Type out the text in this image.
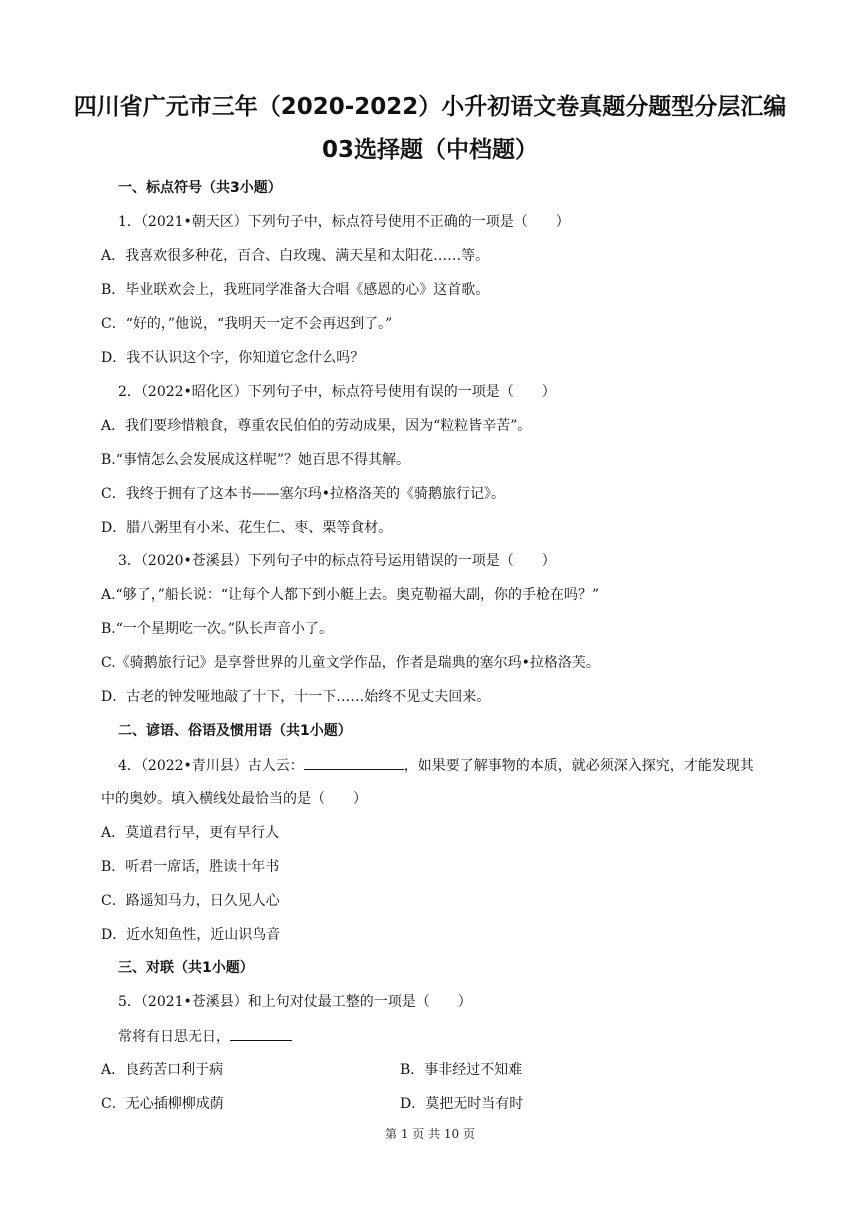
四川省广元市三年（2020-2022）小升初语文卷真题分题型分层汇编
03选择题（中档题）
一、标点符号（共3小题）
1．（2021•朝天区）下列句子中，标点符号使用不正确的一项是（　　）
A．我喜欢很多种花，百合、白玫瑰、满天星和太阳花……等。
B．毕业联欢会上，我班同学准备大合唱《感恩的心》这首歌。
C．“好的，”他说，“我明天一定不会再迟到了。”
D．我不认识这个字，你知道它念什么吗？
2．（2022•昭化区）下列句子中，标点符号使用有误的一项是（　　）
A．我们要珍惜粮食，尊重农民伯伯的劳动成果，因为“粒粒皆辛苦”。
B.“事情怎么会发展成这样呢”？她百思不得其解。
C．我终于拥有了这本书——塞尔玛•拉格洛芙的《骑鹅旅行记》。
D．腊八粥里有小米、花生仁、枣、栗等食材。
3．（2020•苍溪县）下列句子中的标点符号运用错误的一项是（　　）
A.“够了，”船长说：“让每个人都下到小艇上去。奥克勒福大副，你的手枪在吗？”
B.“一个星期吃一次。”队长声音小了。
C.《骑鹅旅行记》是享誉世界的儿童文学作品，作者是瑞典的塞尔玛•拉格洛芙。
D．古老的钟发哑地敲了十下，十一下……始终不见丈夫回来。
二、谚语、俗语及惯用语（共1小题）
4．（2022•青川县）古人云：	，如果要了解事物的本质，就必须深入探究，才能发现其
中的奥妙。填入横线处最恰当的是（　　）
A．莫道君行早，更有早行人
B．听君一席话，胜读十年书
C．路遥知马力，日久见人心
D．近水知鱼性，近山识鸟音
三、对联（共1小题）
5．（2021•苍溪县）和上句对仗最工整的一项是（　　）
常将有日思无日，
A．良药苦口利于病	B．事非经过不知难
C．无心插柳柳成荫	D．莫把无时当有时
第 1 页 共 10 页
